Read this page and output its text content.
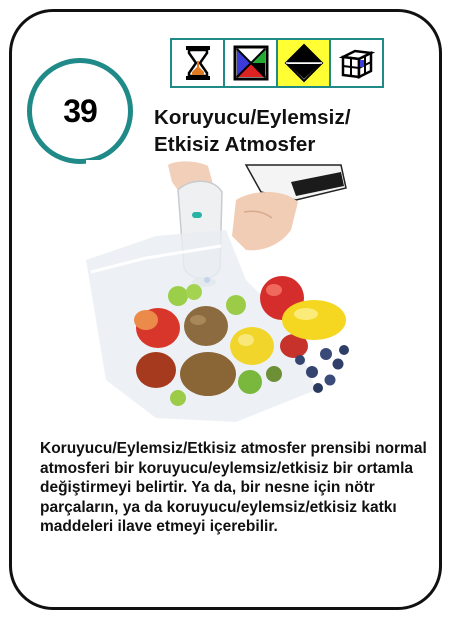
39	Koruyucu/Eylemsiz/
Etkisiz Atmosfer
Koruyucu/Eylemsiz/Etkisiz atmosfer prensibi normal atmosferi bir koruyucu/eylemsiz/etkisiz bir ortamla değiştirmeyi belirtir. Ya da, bir nesne için nötr parçaların, ya da koruyucu/eylemsiz/etkisiz katkı maddeleri ilave etmeyi içerebilir.
